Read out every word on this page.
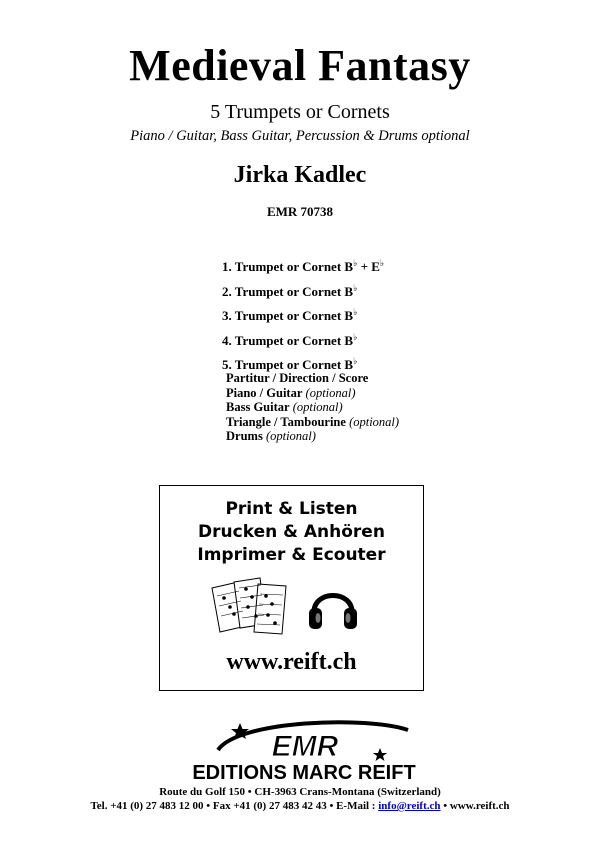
Medieval Fantasy
5 Trumpets or Cornets
Piano / Guitar, Bass Guitar, Percussion & Drums optional
Jirka Kadlec
EMR 70738
1. Trumpet or Cornet B♭ + E♭
2. Trumpet or Cornet B♭
3. Trumpet or Cornet B♭
4. Trumpet or Cornet B♭
5. Trumpet or Cornet B♭
Partitur / Direction / Score
Piano / Guitar (optional)
Bass Guitar (optional)
Triangle / Tambourine (optional)
Drums (optional)
Print & Listen
Drucken & Anhören
Imprimer & Ecouter
www.reift.ch
EMR
EDITIONS MARC REIFT
Route du Golf 150 • CH-3963 Crans-Montana (Switzerland)
Tel. +41 (0) 27 483 12 00 • Fax +41 (0) 27 483 42 43 • E-Mail : info@reift.ch • www.reift.ch
